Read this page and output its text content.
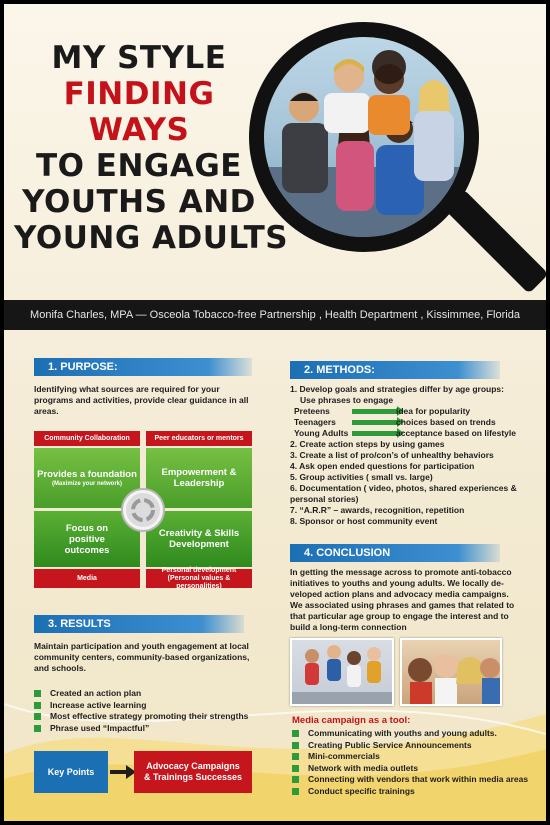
MY STYLE
FINDING
WAYS
TO ENGAGE
YOUTHS AND
YOUNG ADULTS
Monifa Charles, MPA — Osceola Tobacco-free Partnership , Health Department , Kissimmee, Florida
1. PURPOSE:
Identifying what sources are required for your programs and activities, provide clear guidance in all areas.
Community Collaboration	Peer educators or mentors
Provides a foundation
(Maximize your network)
Empowerment & Leadership
Focus on positive outcomes
Creativity & Skills Development
Media
Personal development
(Personal values & personalities)
3. RESULTS
Maintain participation and youth engagement at local community centers, community-based organizations, and schools.
Created an action plan
Increase active learning
Most effective strategy promoting their strengths
Phrase used “Impactful”
Key Points
Advocacy Campaigns
& Trainings Successes
2. METHODS:
1. Develop goals and strategies differ by age groups:
Use phrases to engage
Preteens	idea for popularity
Teenagers	choices based on trends
Young Adults	acceptance based on lifestyle
2. Create action steps by using games
3. Create a list of pro/con’s of unhealthy behaviors
4. Ask open ended questions for participation
5. Group activities ( small vs. large)
6. Documentation ( video, photos, shared experiences &
personal stories)
7. “A.R.R” – awards, recognition, repetition
8. Sponsor or host community event
4. CONCLUSION
In getting the message across to promote anti-tobacco
initiatives to youths and young adults. We locally de-
veloped action plans and advocacy media campaigns.
We associated using phrases and games that related to
that particular age group to engage the interest and to
build a long-term connection
Media campaign as a tool:
Communicating with youths and young adults.
Creating Public Service Announcements
Mini-commercials
Network with media outlets
Connecting with vendors that work within media areas
Conduct specific trainings
